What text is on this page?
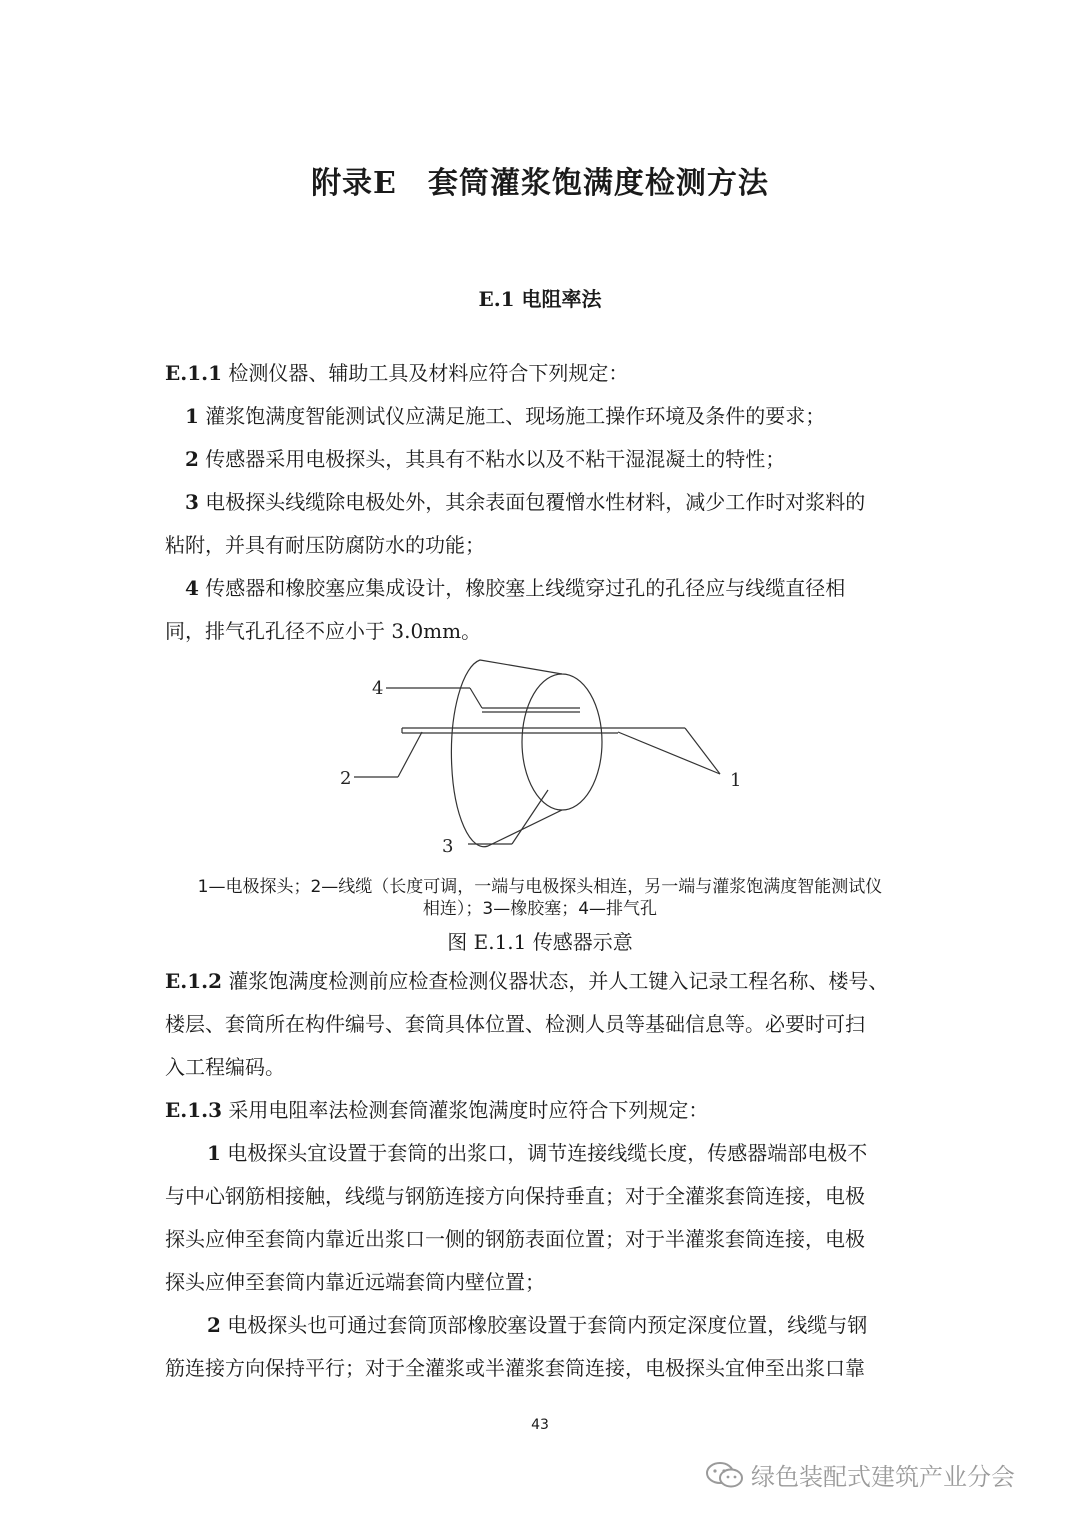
附录E　套筒灌浆饱满度检测方法
E.1 电阻率法
E.1.1 检测仪器、辅助工具及材料应符合下列规定：
1 灌浆饱满度智能测试仪应满足施工、现场施工操作环境及条件的要求；
2 传感器采用电极探头，其具有不粘水以及不粘干湿混凝土的特性；
3 电极探头线缆除电极处外，其余表面包覆憎水性材料，减少工作时对浆料的
粘附，并具有耐压防腐防水的功能；
4 传感器和橡胶塞应集成设计，橡胶塞上线缆穿过孔的孔径应与线缆直径相
同，排气孔孔径不应小于 3.0mm。
4
2
3
1
1—电极探头；2—线缆（长度可调，一端与电极探头相连，另一端与灌浆饱满度智能测试仪
相连）；3—橡胶塞；4—排气孔
图 E.1.1 传感器示意
E.1.2 灌浆饱满度检测前应检查检测仪器状态，并人工键入记录工程名称、楼号、
楼层、套筒所在构件编号、套筒具体位置、检测人员等基础信息等。必要时可扫
入工程编码。
E.1.3 采用电阻率法检测套筒灌浆饱满度时应符合下列规定：
1 电极探头宜设置于套筒的出浆口，调节连接线缆长度，传感器端部电极不
与中心钢筋相接触，线缆与钢筋连接方向保持垂直；对于全灌浆套筒连接，电极
探头应伸至套筒内靠近出浆口一侧的钢筋表面位置；对于半灌浆套筒连接，电极
探头应伸至套筒内靠近远端套筒内壁位置；
2 电极探头也可通过套筒顶部橡胶塞设置于套筒内预定深度位置，线缆与钢
筋连接方向保持平行；对于全灌浆或半灌浆套筒连接，电极探头宜伸至出浆口靠
43
绿色装配式建筑产业分会
